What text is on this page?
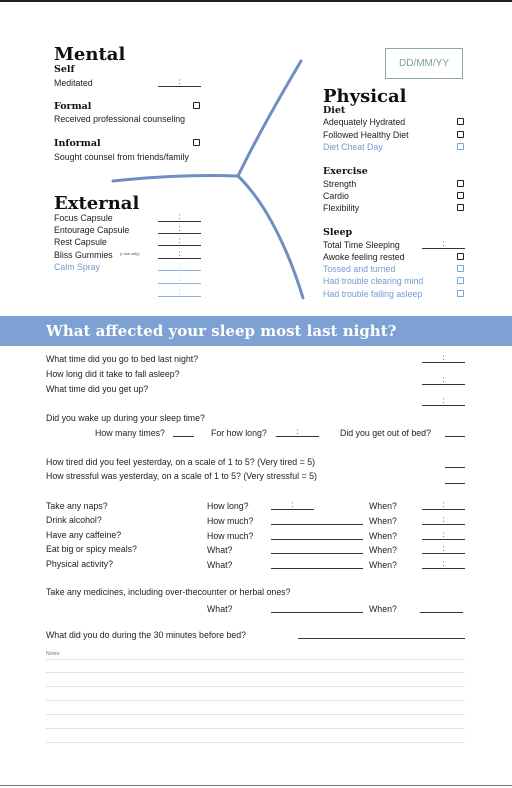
DD/MM/YY
Mental
Self
Meditated	:
Formal
Received professional counseling
Informal
Sought counsel from friends/family
External
Focus Capsule	:
Entourage Capsule	:
Rest Capsule	:
Bliss Gummies (• low only)	:
Calm Spray	:
:
:
Physical
Diet
Adequately Hydrated
Followed Healthy Diet
Diet Cheat Day
Exercise
Strength
Cardio
Flexibility
Sleep
Total Time Sleeping	:
Awoke feeling rested
Tossed and turned
Had trouble clearing mind
Had trouble falling asleep
What affected your sleep most last night?
What time did you go to bed last night?	:
How long did it take to fall asleep?
:
What time did you get up?
:
Did you wake up during your sleep time?
How many times?	For how long?	:	Did you get out of bed?
How tired did you feel yesterday, on a scale of 1 to 5? (Very tired = 5)
How stressful was yesterday, on a scale of 1 to 5? (Very stressful = 5)
Take any naps?	How long?	:	When?	:
Drink alcohol?	How much?	When?	:
Have any caffeine?	How much?	When?	:
Eat big or spicy meals?	What?	When?	:
Physical activity?	What?	When?	:
Take any medicines, including over-thecounter or herbal ones?
What?	When?
What did you do during the 30 minutes before bed?
Notes:
